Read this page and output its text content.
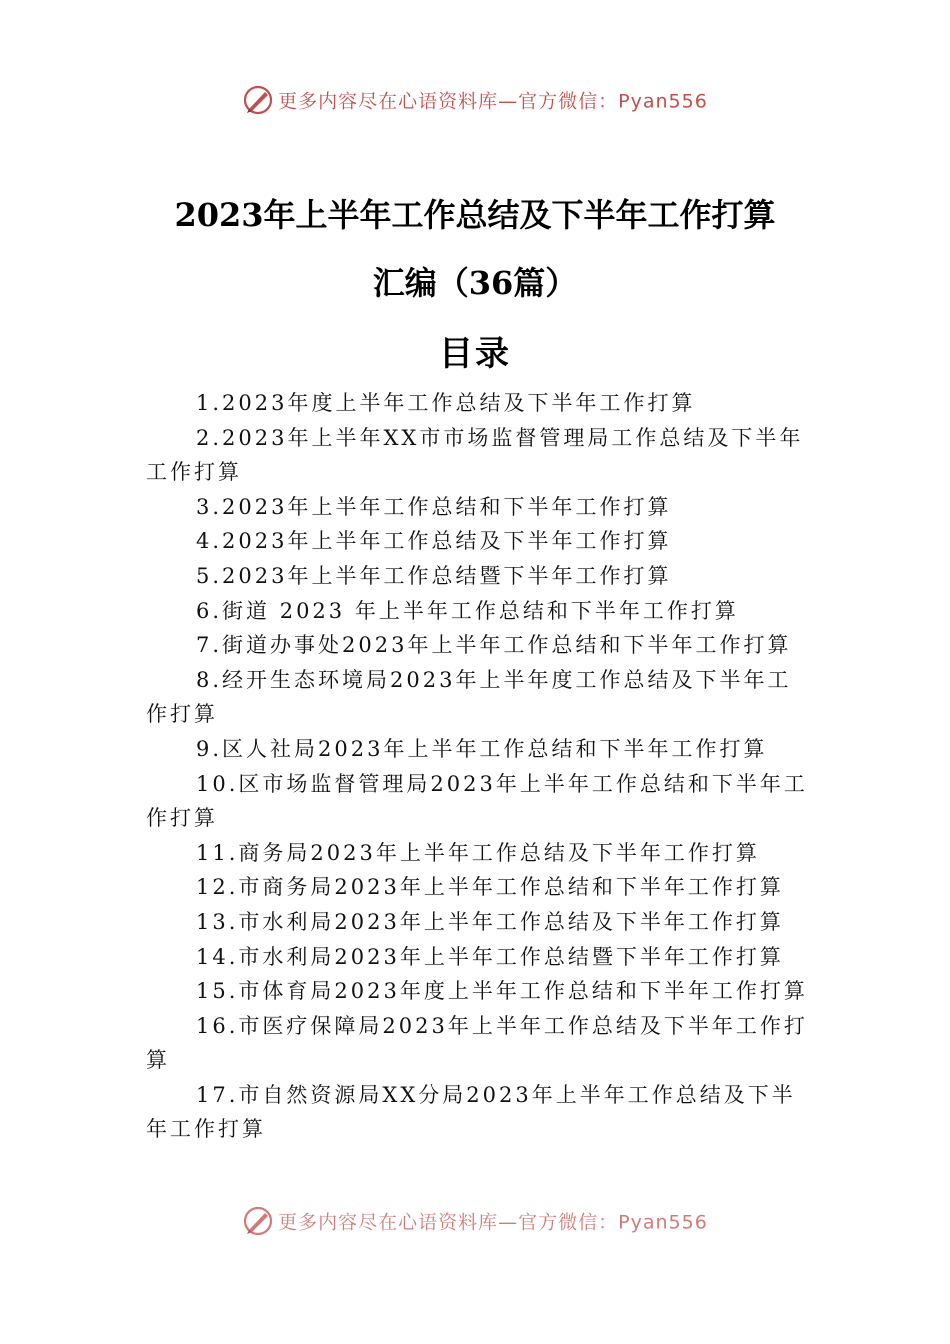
更多内容尽在心语资料库—官方微信：Pyan556
2023年上半年工作总结及下半年工作打算
汇编（36篇）
目录
1.2023年度上半年工作总结及下半年工作打算
2.2023年上半年XX市市场监督管理局工作总结及下半年工作打算
3.2023年上半年工作总结和下半年工作打算
4.2023年上半年工作总结及下半年工作打算
5.2023年上半年工作总结暨下半年工作打算
6.街道 2023 年上半年工作总结和下半年工作打算
7.街道办事处2023年上半年工作总结和下半年工作打算
8.经开生态环境局2023年上半年度工作总结及下半年工作打算
9.区人社局2023年上半年工作总结和下半年工作打算
10.区市场监督管理局2023年上半年工作总结和下半年工作打算
11.商务局2023年上半年工作总结及下半年工作打算
12.市商务局2023年上半年工作总结和下半年工作打算
13.市水利局2023年上半年工作总结及下半年工作打算
14.市水利局2023年上半年工作总结暨下半年工作打算
15.市体育局2023年度上半年工作总结和下半年工作打算
16.市医疗保障局2023年上半年工作总结及下半年工作打算
17.市自然资源局XX分局2023年上半年工作总结及下半年工作打算
更多内容尽在心语资料库—官方微信：Pyan556
